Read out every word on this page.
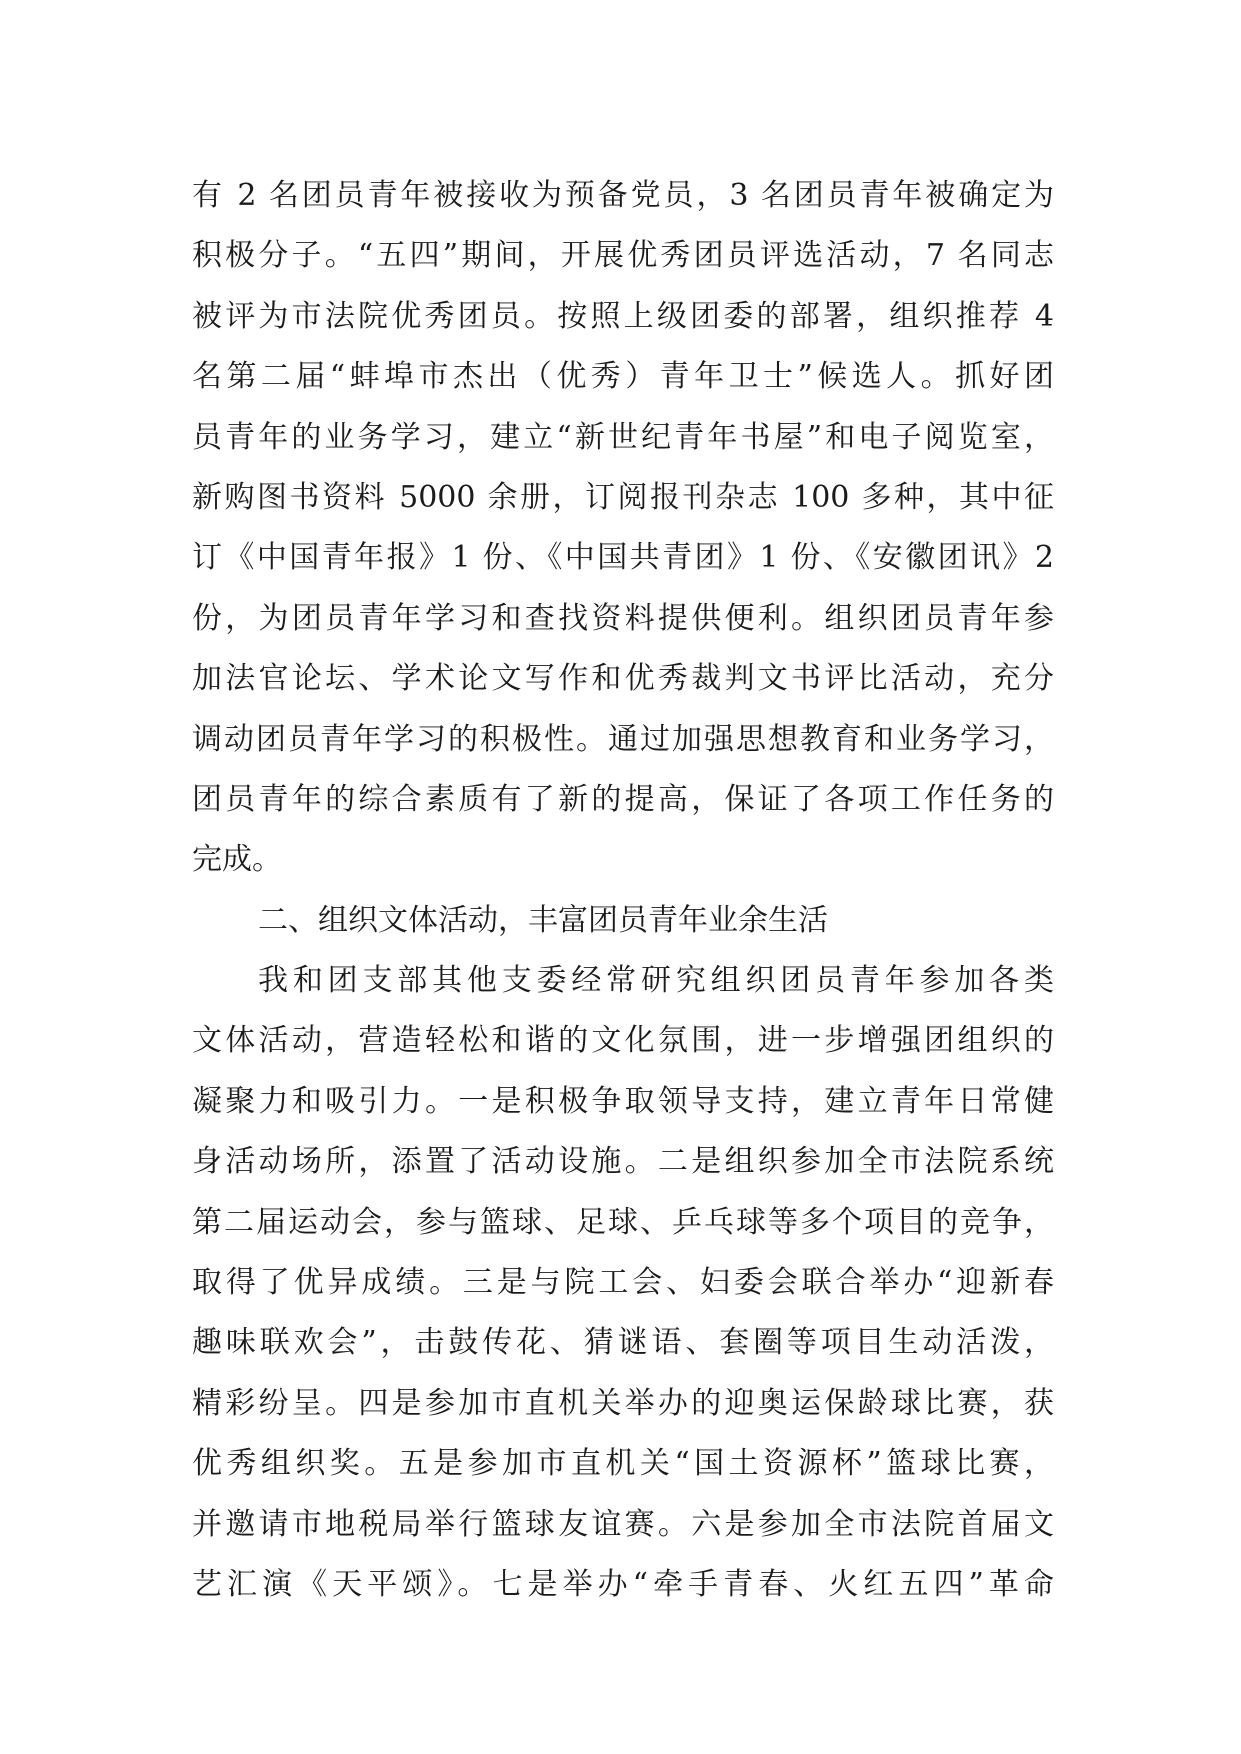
有 2 名团员青年被接收为预备党员，3 名团员青年被确定为
积极分子。“五四”期间，开展优秀团员评选活动，7 名同志
被评为市法院优秀团员。按照上级团委的部署，组织推荐 4
名第二届“蚌埠市杰出（优秀）青年卫士”候选人。抓好团
员青年的业务学习，建立“新世纪青年书屋”和电子阅览室，
新购图书资料 5000 余册，订阅报刊杂志 100 多种，其中征
订《中国青年报》1 份、《中国共青团》1 份、《安徽团讯》2
份，为团员青年学习和查找资料提供便利。组织团员青年参
加法官论坛、学术论文写作和优秀裁判文书评比活动，充分
调动团员青年学习的积极性。通过加强思想教育和业务学习，
团员青年的综合素质有了新的提高，保证了各项工作任务的
完成。
二、组织文体活动，丰富团员青年业余生活
我和团支部其他支委经常研究组织团员青年参加各类
文体活动，营造轻松和谐的文化氛围，进一步增强团组织的
凝聚力和吸引力。一是积极争取领导支持，建立青年日常健
身活动场所，添置了活动设施。二是组织参加全市法院系统
第二届运动会，参与篮球、足球、乒乓球等多个项目的竞争，
取得了优异成绩。三是与院工会、妇委会联合举办“迎新春
趣味联欢会”，击鼓传花、猜谜语、套圈等项目生动活泼，
精彩纷呈。四是参加市直机关举办的迎奥运保龄球比赛，获
优秀组织奖。五是参加市直机关“国土资源杯”篮球比赛，
并邀请市地税局举行篮球友谊赛。六是参加全市法院首届文
艺汇演《天平颂》。七是举办“牵手青春、火红五四”革命
